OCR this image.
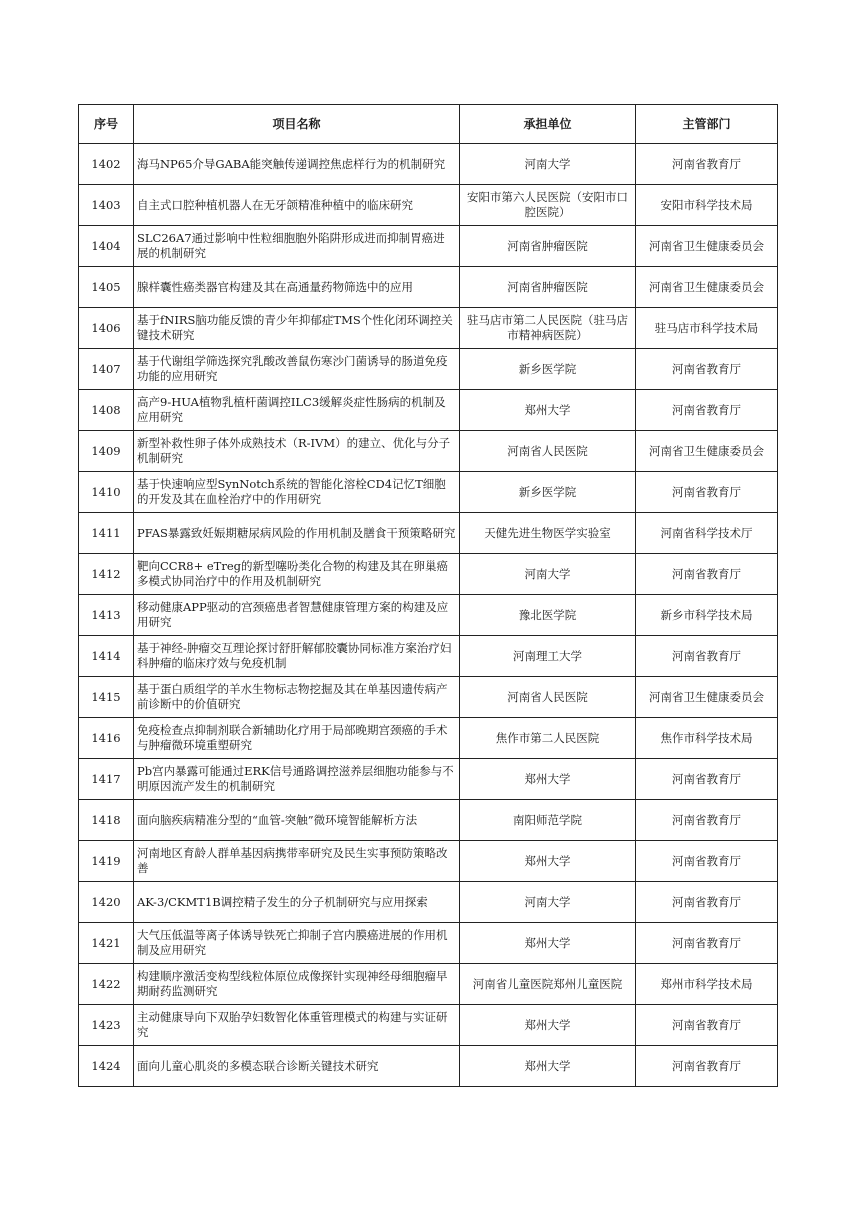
序号	项目名称	承担单位	主管部门
1402	海马NP65介导GABA能突触传递调控焦虑样行为的机制研究	河南大学	河南省教育厅
1403	自主式口腔种植机器人在无牙颌精准种植中的临床研究	安阳市第六人民医院（安阳市口腔医院）	安阳市科学技术局
1404	SLC26A7通过影响中性粒细胞胞外陷阱形成进而抑制胃癌进展的机制研究	河南省肿瘤医院	河南省卫生健康委员会
1405	腺样囊性癌类器官构建及其在高通量药物筛选中的应用	河南省肿瘤医院	河南省卫生健康委员会
1406	基于fNIRS脑功能反馈的青少年抑郁症TMS个性化闭环调控关键技术研究	驻马店市第二人民医院（驻马店市精神病医院）	驻马店市科学技术局
1407	基于代谢组学筛选探究乳酸改善鼠伤寒沙门菌诱导的肠道免疫功能的应用研究	新乡医学院	河南省教育厅
1408	高产9-HUA植物乳植杆菌调控ILC3缓解炎症性肠病的机制及应用研究	郑州大学	河南省教育厅
1409	新型补救性卵子体外成熟技术（R-IVM）的建立、优化与分子机制研究	河南省人民医院	河南省卫生健康委员会
1410	基于快速响应型SynNotch系统的智能化溶栓CD4记忆T细胞的开发及其在血栓治疗中的作用研究	新乡医学院	河南省教育厅
1411	PFAS暴露致妊娠期糖尿病风险的作用机制及膳食干预策略研究	天健先进生物医学实验室	河南省科学技术厅
1412	靶向CCR8+ eTreg的新型噻吩类化合物的构建及其在卵巢癌多模式协同治疗中的作用及机制研究	河南大学	河南省教育厅
1413	移动健康APP驱动的宫颈癌患者智慧健康管理方案的构建及应用研究	豫北医学院	新乡市科学技术局
1414	基于神经-肿瘤交互理论探讨舒肝解郁胶囊协同标准方案治疗妇科肿瘤的临床疗效与免疫机制	河南理工大学	河南省教育厅
1415	基于蛋白质组学的羊水生物标志物挖掘及其在单基因遗传病产前诊断中的价值研究	河南省人民医院	河南省卫生健康委员会
1416	免疫检查点抑制剂联合新辅助化疗用于局部晚期宫颈癌的手术与肿瘤微环境重塑研究	焦作市第二人民医院	焦作市科学技术局
1417	Pb宫内暴露可能通过ERK信号通路调控滋养层细胞功能参与不明原因流产发生的机制研究	郑州大学	河南省教育厅
1418	面向脑疾病精准分型的“血管-突触”微环境智能解析方法	南阳师范学院	河南省教育厅
1419	河南地区育龄人群单基因病携带率研究及民生实事预防策略改善	郑州大学	河南省教育厅
1420	AK-3/CKMT1B调控精子发生的分子机制研究与应用探索	河南大学	河南省教育厅
1421	大气压低温等离子体诱导铁死亡抑制子宫内膜癌进展的作用机制及应用研究	郑州大学	河南省教育厅
1422	构建顺序激活变构型线粒体原位成像探针实现神经母细胞瘤早期耐药监测研究	河南省儿童医院郑州儿童医院	郑州市科学技术局
1423	主动健康导向下双胎孕妇数智化体重管理模式的构建与实证研究	郑州大学	河南省教育厅
1424	面向儿童心肌炎的多模态联合诊断关键技术研究	郑州大学	河南省教育厅
